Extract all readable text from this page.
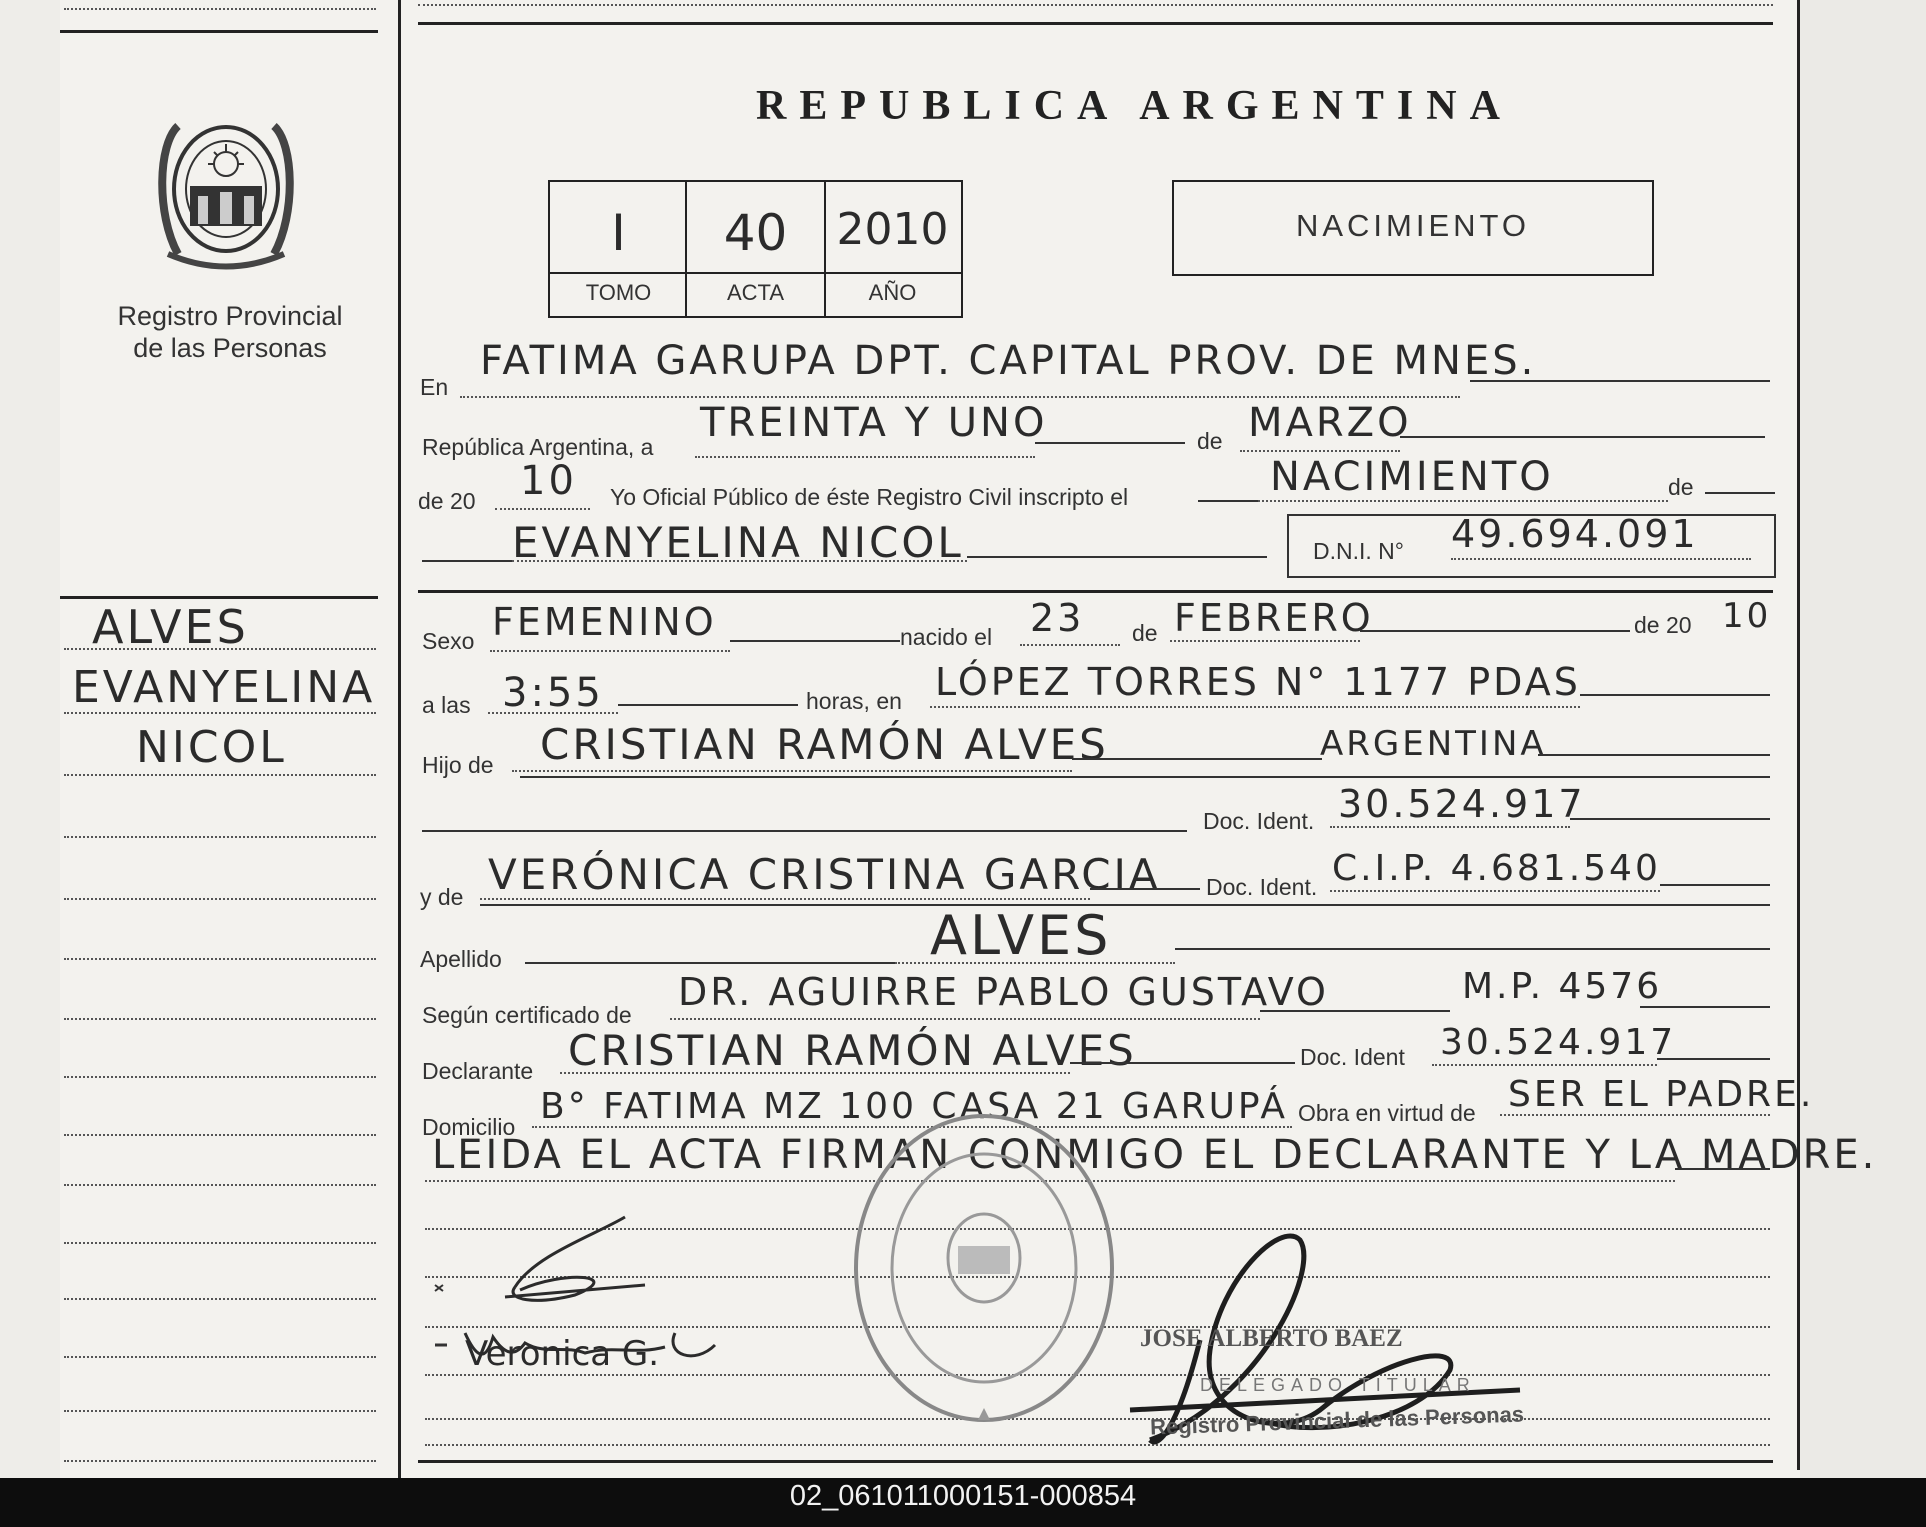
Registro Provincial
de las Personas
ALVES
EVANYELINA
NICOL
REPUBLICA ARGENTINA
I	40	2010
TOMO	ACTA	AÑO
NACIMIENTO
En
FATIMA GARUPA DPT. CAPITAL PROV. DE MNES.
República Argentina, a
TREINTA Y UNO	de MARZO
de 20 10 Yo Oficial Público de éste Registro Civil inscripto el	NACIMIENTO	de
EVANYELINA NICOL	D.N.I. N° 49.694.091
Sexo FEMENINO	nacido el 23 de FEBRERO	de 20 10
a las 3:55	horas, en LÓPEZ TORRES N° 1177 PDAS
Hijo de CRISTIAN RAMÓN ALVES	ARGENTINA
Doc. Ident. 30.524.917
y de VERÓNICA CRISTINA GARCIA Doc. Ident. C.I.P. 4.681.540
Apellido	ALVES
Según certificado de
DR. AGUIRRE PABLO GUSTAVO	M.P. 4576
Declarante CRISTIAN RAMÓN ALVES	Doc. Ident 30.524.917
Domicilio B° FATIMA MZ 100 CASA 21 GARUPÁ Obra en virtud de SER EL PADRE.
LEIDA EL ACTA FIRMAN CONMIGO EL DECLARANTE Y LA MADRE.
Veronica G.	JOSE ALBERTO BAEZ
DELEGADO TITULAR
Registro Provincial de las Personas
02_061011000151-000854
